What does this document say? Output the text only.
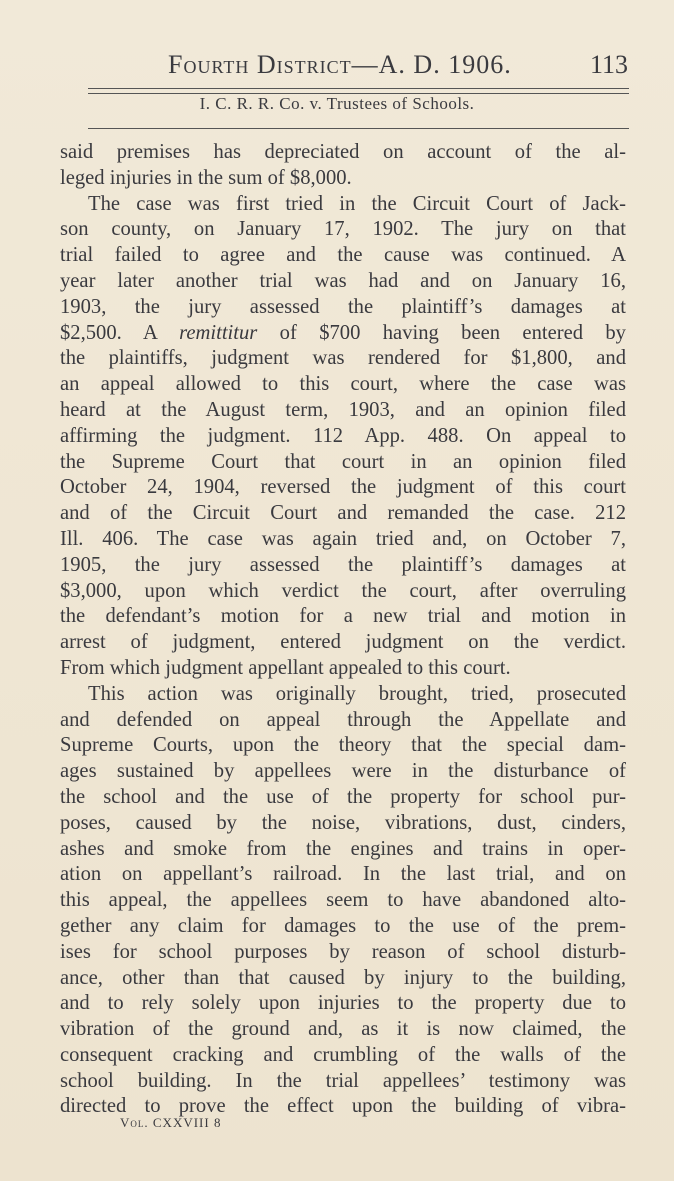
Fourth District—A. D. 1906.	113
I. C. R. R. Co. v. Trustees of Schools.
said premises has depreciated on account of the al-
leged injuries in the sum of $8,000.
The case was first tried in the Circuit Court of Jack-
son county, on January 17, 1902. The jury on that
trial failed to agree and the cause was continued. A
year later another trial was had and on January 16,
1903, the jury assessed the plaintiff’s damages at
$2,500. A remittitur of $700 having been entered by
the plaintiffs, judgment was rendered for $1,800, and
an appeal allowed to this court, where the case was
heard at the August term, 1903, and an opinion filed
affirming the judgment. 112 App. 488. On appeal to
the Supreme Court that court in an opinion filed
October 24, 1904, reversed the judgment of this court
and of the Circuit Court and remanded the case. 212
Ill. 406. The case was again tried and, on October 7,
1905, the jury assessed the plaintiff’s damages at
$3,000, upon which verdict the court, after overruling
the defendant’s motion for a new trial and motion in
arrest of judgment, entered judgment on the verdict.
From which judgment appellant appealed to this court.
This action was originally brought, tried, prosecuted
and defended on appeal through the Appellate and
Supreme Courts, upon the theory that the special dam-
ages sustained by appellees were in the disturbance of
the school and the use of the property for school pur-
poses, caused by the noise, vibrations, dust, cinders,
ashes and smoke from the engines and trains in oper-
ation on appellant’s railroad. In the last trial, and on
this appeal, the appellees seem to have abandoned alto-
gether any claim for damages to the use of the prem-
ises for school purposes by reason of school disturb-
ance, other than that caused by injury to the building,
and to rely solely upon injuries to the property due to
vibration of the ground and, as it is now claimed, the
consequent cracking and crumbling of the walls of the
school building. In the trial appellees’ testimony was
directed to prove the effect upon the building of vibra-
Vol. CXXVIII 8
